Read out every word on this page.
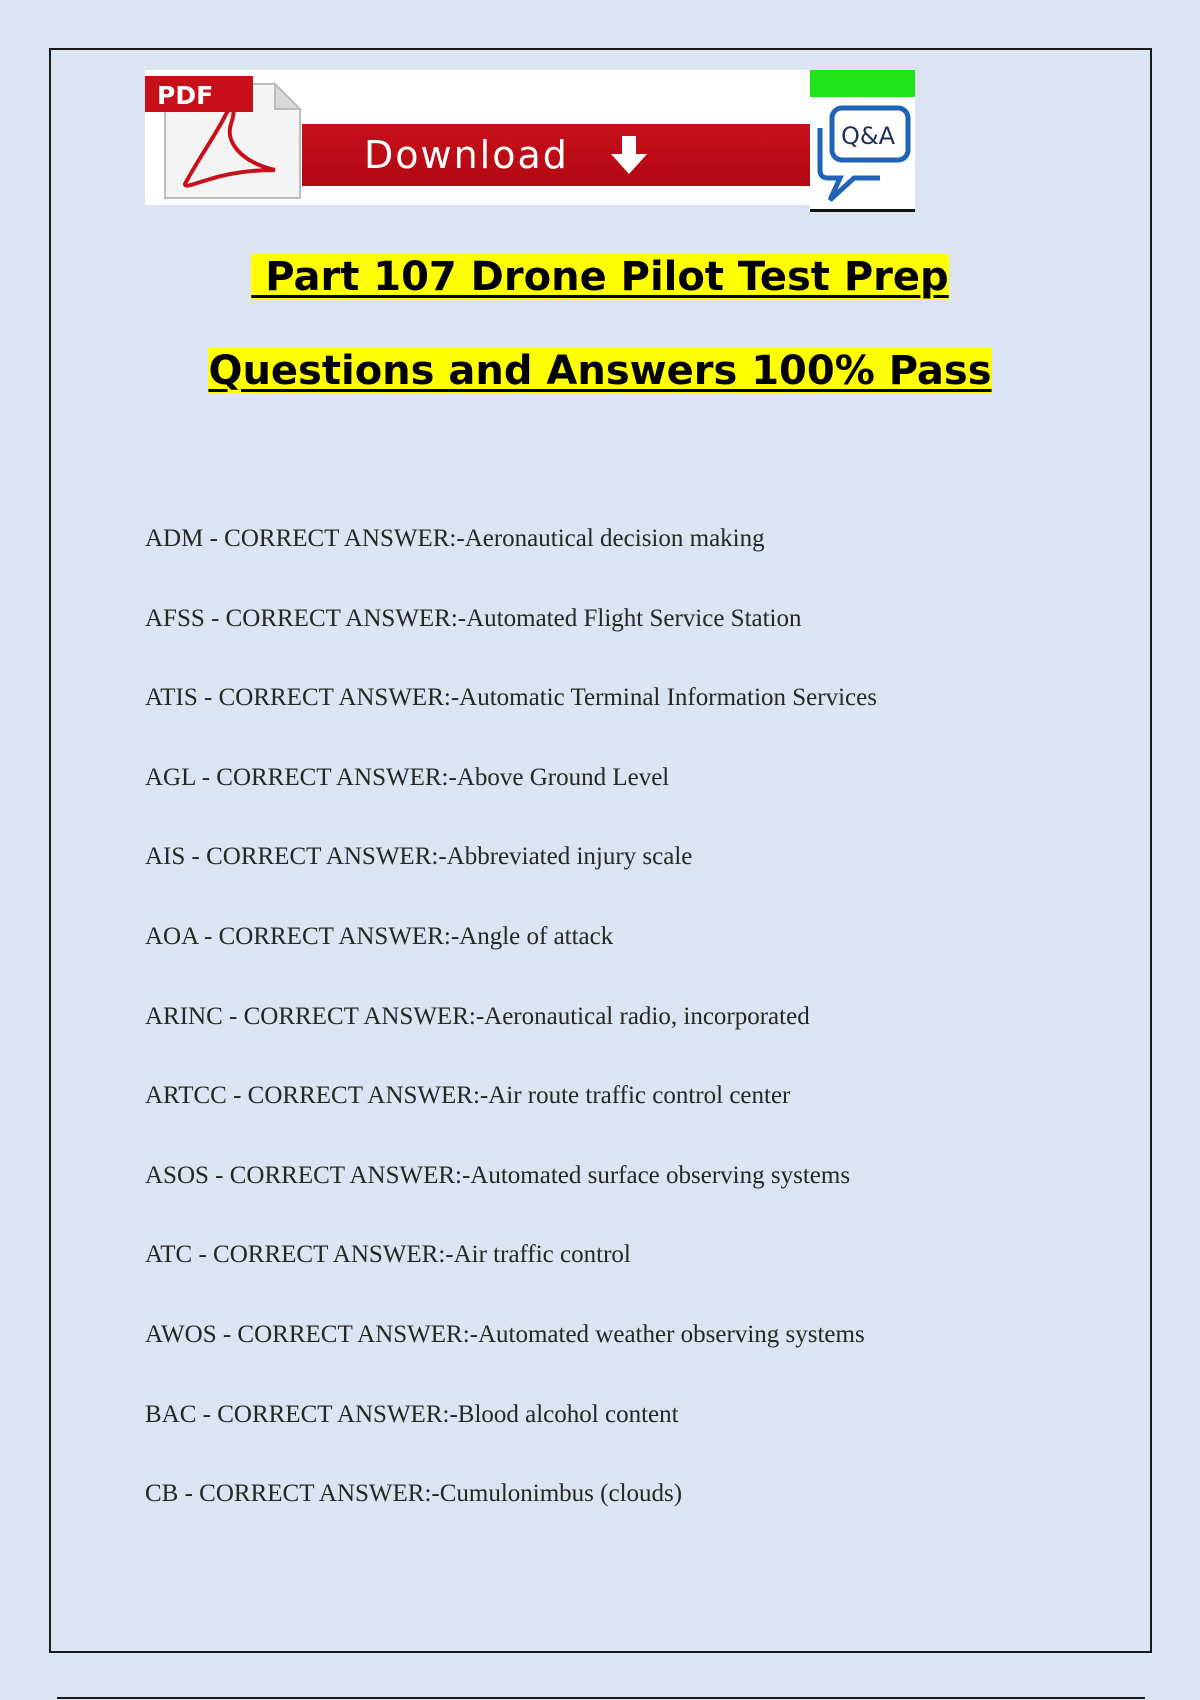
PDF
Download	Q&A
Part 107 Drone Pilot Test Prep
Questions and Answers 100% Pass
ADM - CORRECT ANSWER:-Aeronautical decision making
AFSS - CORRECT ANSWER:-Automated Flight Service Station
ATIS - CORRECT ANSWER:-Automatic Terminal Information Services
AGL - CORRECT ANSWER:-Above Ground Level
AIS - CORRECT ANSWER:-Abbreviated injury scale
AOA - CORRECT ANSWER:-Angle of attack
ARINC - CORRECT ANSWER:-Aeronautical radio, incorporated
ARTCC - CORRECT ANSWER:-Air route traffic control center
ASOS - CORRECT ANSWER:-Automated surface observing systems
ATC - CORRECT ANSWER:-Air traffic control
AWOS - CORRECT ANSWER:-Automated weather observing systems
BAC - CORRECT ANSWER:-Blood alcohol content
CB - CORRECT ANSWER:-Cumulonimbus (clouds)
